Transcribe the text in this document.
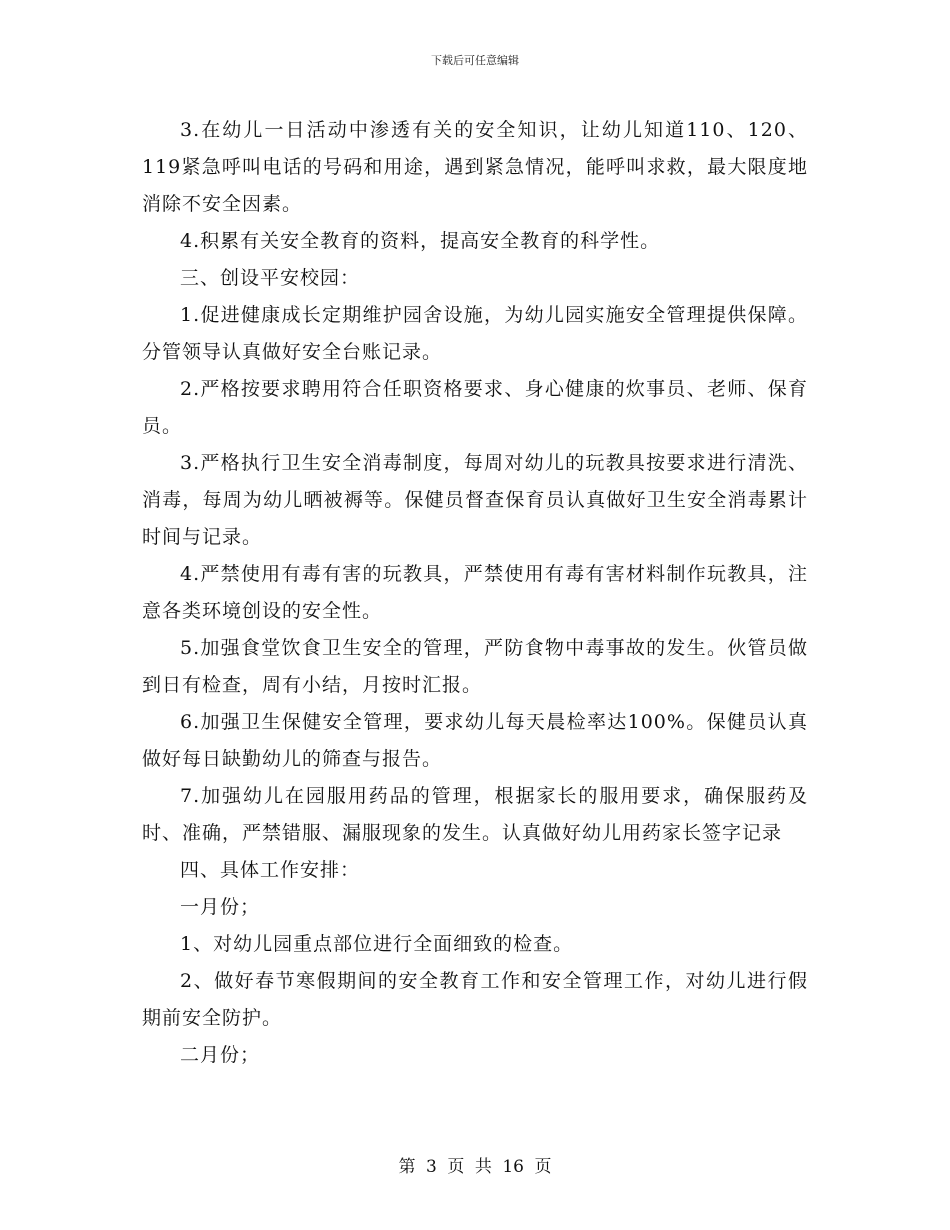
下载后可任意编辑

3.在幼儿一日活动中渗透有关的安全知识，让幼儿知道110、120、119紧急呼叫电话的号码和用途，遇到紧急情况，能呼叫求救，最大限度地消除不安全因素。

4.积累有关安全教育的资料，提高安全教育的科学性。

三、创设平安校园：

1.促进健康成长定期维护园舍设施，为幼儿园实施安全管理提供保障。分管领导认真做好安全台账记录。

2.严格按要求聘用符合任职资格要求、身心健康的炊事员、老师、保育员。

3.严格执行卫生安全消毒制度，每周对幼儿的玩教具按要求进行清洗、消毒，每周为幼儿晒被褥等。保健员督查保育员认真做好卫生安全消毒累计时间与记录。

4.严禁使用有毒有害的玩教具，严禁使用有毒有害材料制作玩教具，注意各类环境创设的安全性。

5.加强食堂饮食卫生安全的管理，严防食物中毒事故的发生。伙管员做到日有检查，周有小结，月按时汇报。

6.加强卫生保健安全管理，要求幼儿每天晨检率达100%。保健员认真做好每日缺勤幼儿的筛查与报告。

7.加强幼儿在园服用药品的管理，根据家长的服用要求，确保服药及时、准确，严禁错服、漏服现象的发生。认真做好幼儿用药家长签字记录

四、具体工作安排：

一月份；

1、对幼儿园重点部位进行全面细致的检查。

2、做好春节寒假期间的安全教育工作和安全管理工作，对幼儿进行假期前安全防护。

二月份；

第 3 页 共 16 页
